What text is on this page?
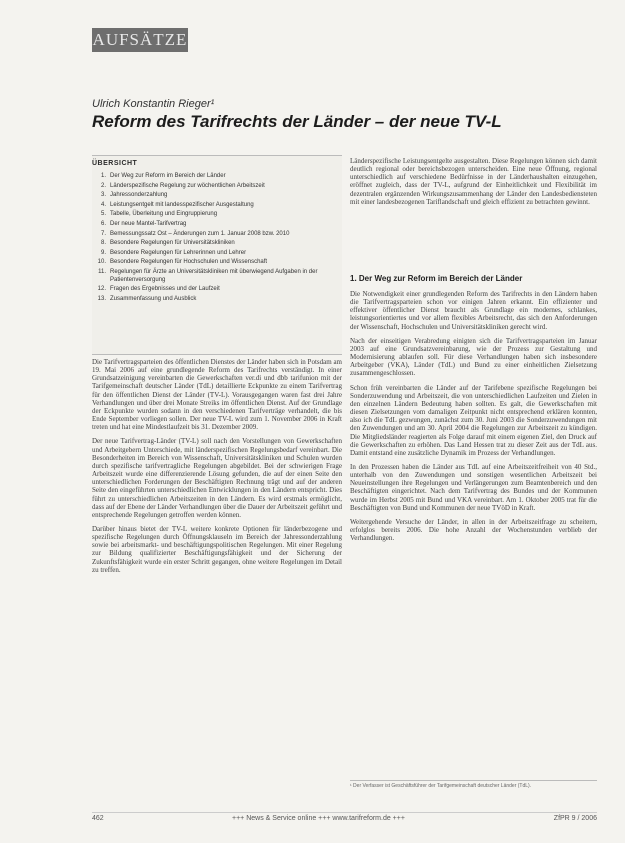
AUFSÄTZE
Ulrich Konstantin Rieger¹
Reform des Tarifrechts der Länder – der neue TV-L
ÜBERSICHT
1. Der Weg zur Reform im Bereich der Länder
2. Länderspezifische Regelung zur wöchentlichen Arbeitszeit
3. Jahressonderzahlung
4. Leistungsentgelt mit landesspezifischer Ausgestaltung
5. Tabelle, Überleitung und Eingruppierung
6. Der neue Mantel-Tarifvertrag
7. Bemessungssatz Ost – Änderungen zum 1. Januar 2008 bzw. 2010
8. Besondere Regelungen für Universitätskliniken
9. Besondere Regelungen für Lehrerinnen und Lehrer
10. Besondere Regelungen für Hochschulen und Wissenschaft
11. Regelungen für Ärzte an Universitätskliniken mit überwiegend Aufgaben in der Patientenversorgung
12. Fragen des Ergebnisses und der Laufzeit
13. Zusammenfassung und Ausblick

Die Tarifvertragsparteien des öffentlichen Dienstes der Länder haben sich in Potsdam am 19. Mai 2006 auf eine grundlegende Reform des Tarifrechts verständigt. In einer Grundsatzeinigung vereinbarten die Gewerkschaften ver.di und dbb tarifunion mit der Tarifgemeinschaft deutscher Länder (TdL) detaillierte Eckpunkte zu einem Tarifvertrag für den öffentlichen Dienst der Länder (TV-L). Vorausgegangen waren fast drei Jahre Verhandlungen und über drei Monate Streiks im öffentlichen Dienst. Auf der Grundlage der Eckpunkte wurden sodann in den verschiedenen Tarifverträge verhandelt, die bis Ende September vorliegen sollen. Der neue TV-L wird zum 1. November 2006 in Kraft treten und hat eine Mindestlaufzeit bis 31. Dezember 2009.

Der neue Tarifvertrag-Länder (TV-L) soll nach den Vorstellungen von Gewerkschaften und Arbeitgebern Unterschiede, mit länderspezifischen Regelungsbedarf vereinbart. Die Besonderheiten im Bereich von Wissenschaft, Universitätskliniken und Schulen wurden durch spezifische tarifvertragliche Regelungen abgebildet. Bei der schwierigen Frage Arbeitszeit wurde eine differenzierende Lösung gefunden, die auf der einen Seite den unterschiedlichen Forderungen der Beschäftigten Rechnung trägt und auf der anderen Seite den eingeführten unterschiedlichen Entwicklungen in den Ländern entspricht. Dies führt zu unterschiedlichen Arbeitszeiten in den Ländern. Es wird erstmals ermöglicht, dass auf der Ebene der Länder Verhandlungen über die Dauer der Arbeitszeit geführt und entsprechende Regelungen getroffen werden können.

Darüber hinaus bietet der TV-L weitere konkrete Optionen für länderbezogene und spezifische Regelungen durch Öffnungsklauseln im Bereich der Jahressonderzahlung sowie bei arbeitsmarkt- und beschäftigungspolitischen Regelungen. Mit einer Regelung zur Bildung qualifizierter Beschäftigungsfähigkeit und der Sicherung der Zukunftsfähigkeit wurde ein erster Schritt gegangen, ohne weitere Regelungen im Detail zu treffen.

Länderspezifische Leistungsentgelte ausgestalten. Diese Regelungen können sich damit deutlich regional oder bereichsbezogen unterscheiden. Eine neue Öffnung, regional unterschiedlich auf verschiedene Bedürfnisse in der Länderhaushalten einzugehen, eröffnet zugleich, dass der TV-L, aufgrund der Einheitlichkeit und Flexibilität im dezentralen ergänzenden Wirkungszusammenhang der Länder den Landesbediensteten mit einer landesbezogenen Tariflandschaft und gleich effizient zu betrachten gewinnt.

1. Der Weg zur Reform im Bereich der Länder

Die Notwendigkeit einer grundlegenden Reform des Tarifrechts in den Ländern haben die Tarifvertragsparteien schon vor einigen Jahren erkannt. Ein effizienter und effektiver öffentlicher Dienst braucht als Grundlage ein modernes, schlankes, leistungsorientiertes und vor allem flexibles Arbeitsrecht, das sich den Anforderungen der Wissenschaft, Hochschulen und Universitätskliniken gerecht wird.

Nach der einseitigen Verabredung einigten sich die Tarifvertragsparteien im Januar 2003 auf eine Grundsatzvereinbarung, wie der Prozess zur Gestaltung und Modernisierung ablaufen soll. Für diese Verhandlungen haben sich insbesondere Arbeitgeber (VKA), Länder (TdL) und Bund zu einer einheitlichen Zielsetzung zusammengeschlossen.

Schon früh vereinbarten die Länder auf der Tarifebene spezifische Regelungen bei Sonderzuwendung und Arbeitszeit, die von unterschiedlichen Laufzeiten und Zielen in den einzelnen Ländern Bedeutung haben sollten. Es galt, die Gewerkschaften mit diesen Zielsetzungen vom damaligen Zeitpunkt nicht entsprechend erklären konnten, also ich die TdL gezwungen, zunächst zum 30. Juni 2003 die Sonderzuwendungen mit den Zuwendungen und am 30. April 2004 die Regelungen zur Arbeitszeit zu kündigen. Die Mitgliedsländer reagierten als Folge darauf mit einem eigenen Ziel, den Druck auf die Gewerkschaften zu erhöhen. Das Land Hessen trat zu dieser Zeit aus der TdL aus. Damit entstand eine zusätzliche Dynamik im Prozess der Verhandlungen.

In den Prozessen haben die Länder aus TdL auf eine Arbeitszeitfreiheit von 40 Std., unterhalb von den Zuwendungen und sonstigen wesentlichen Arbeitszeit bei Neueinstellungen ihre Regelungen und Verlängerungen zum Beamtenbereich und den Beschäftigten eingerichtet. Nach dem Tarifvertrag des Bundes und der Kommunen wurde im Herbst 2005 mit Bund und VKA vereinbart. Am 1. Oktober 2005 trat für die Beschäftigten von Bund und Kommunen der neue TVöD in Kraft.

Weitergehende Versuche der Länder, in allen in der Arbeitszeitfrage zu scheitern, erfolglos bereits 2006. Die hohe Anzahl der Wochenstunden verblieb der Verhandlungen.

¹ Der Verfasser ist Geschäftsführer der Tarifgemeinschaft deutscher Länder (TdL).
462	+++ News & Service online +++ www.tarifreform.de +++	ZfPR 9 / 2006
